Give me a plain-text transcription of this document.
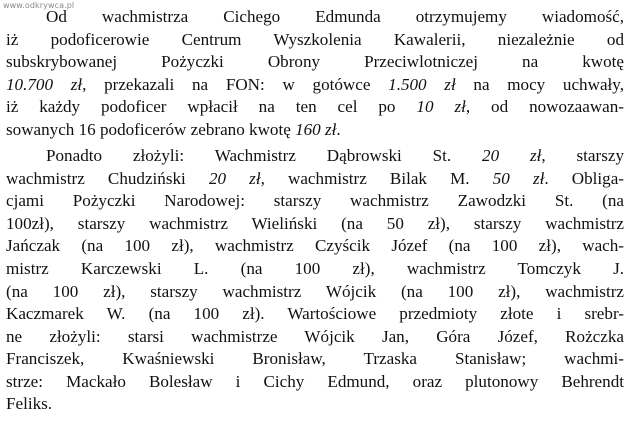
www.odkrywca.pl
Od wachmistrza Cichego Edmunda otrzymujemy wiadomość,
iż podoficerowie Centrum Wyszkolenia Kawalerii, niezależnie od
subskrybowanej Pożyczki Obrony Przeciwlotniczej na kwotę
10.700 zł, przekazali na FON: w gotówce 1.500 zł na mocy uchwały,
iż każdy podoficer wpłacił na ten cel po 10 zł, od nowozaawan-
sowanych 16 podoficerów zebrano kwotę 160 zł.
Ponadto złożyli: Wachmistrz Dąbrowski St. 20 zł, starszy
wachmistrz Chudziński 20 zł, wachmistrz Bilak M. 50 zł. Obliga-
cjami Pożyczki Narodowej: starszy wachmistrz Zawodzki St. (na
100zł), starszy wachmistrz Wieliński (na 50 zł), starszy wachmistrz
Jańczak (na 100 zł), wachmistrz Czyścik Józef (na 100 zł), wach-
mistrz Karczewski L. (na 100 zł), wachmistrz Tomczyk J.
(na 100 zł), starszy wachmistrz Wójcik (na 100 zł), wachmistrz
Kaczmarek W. (na 100 zł). Wartościowe przedmioty złote i srebr-
ne złożyli: starsi wachmistrze Wójcik Jan, Góra Józef, Rożczka
Franciszek, Kwaśniewski Bronisław, Trzaska Stanisław; wachmi-
strze: Mackało Bolesław i Cichy Edmund, oraz plutonowy Behrendt
Feliks.
